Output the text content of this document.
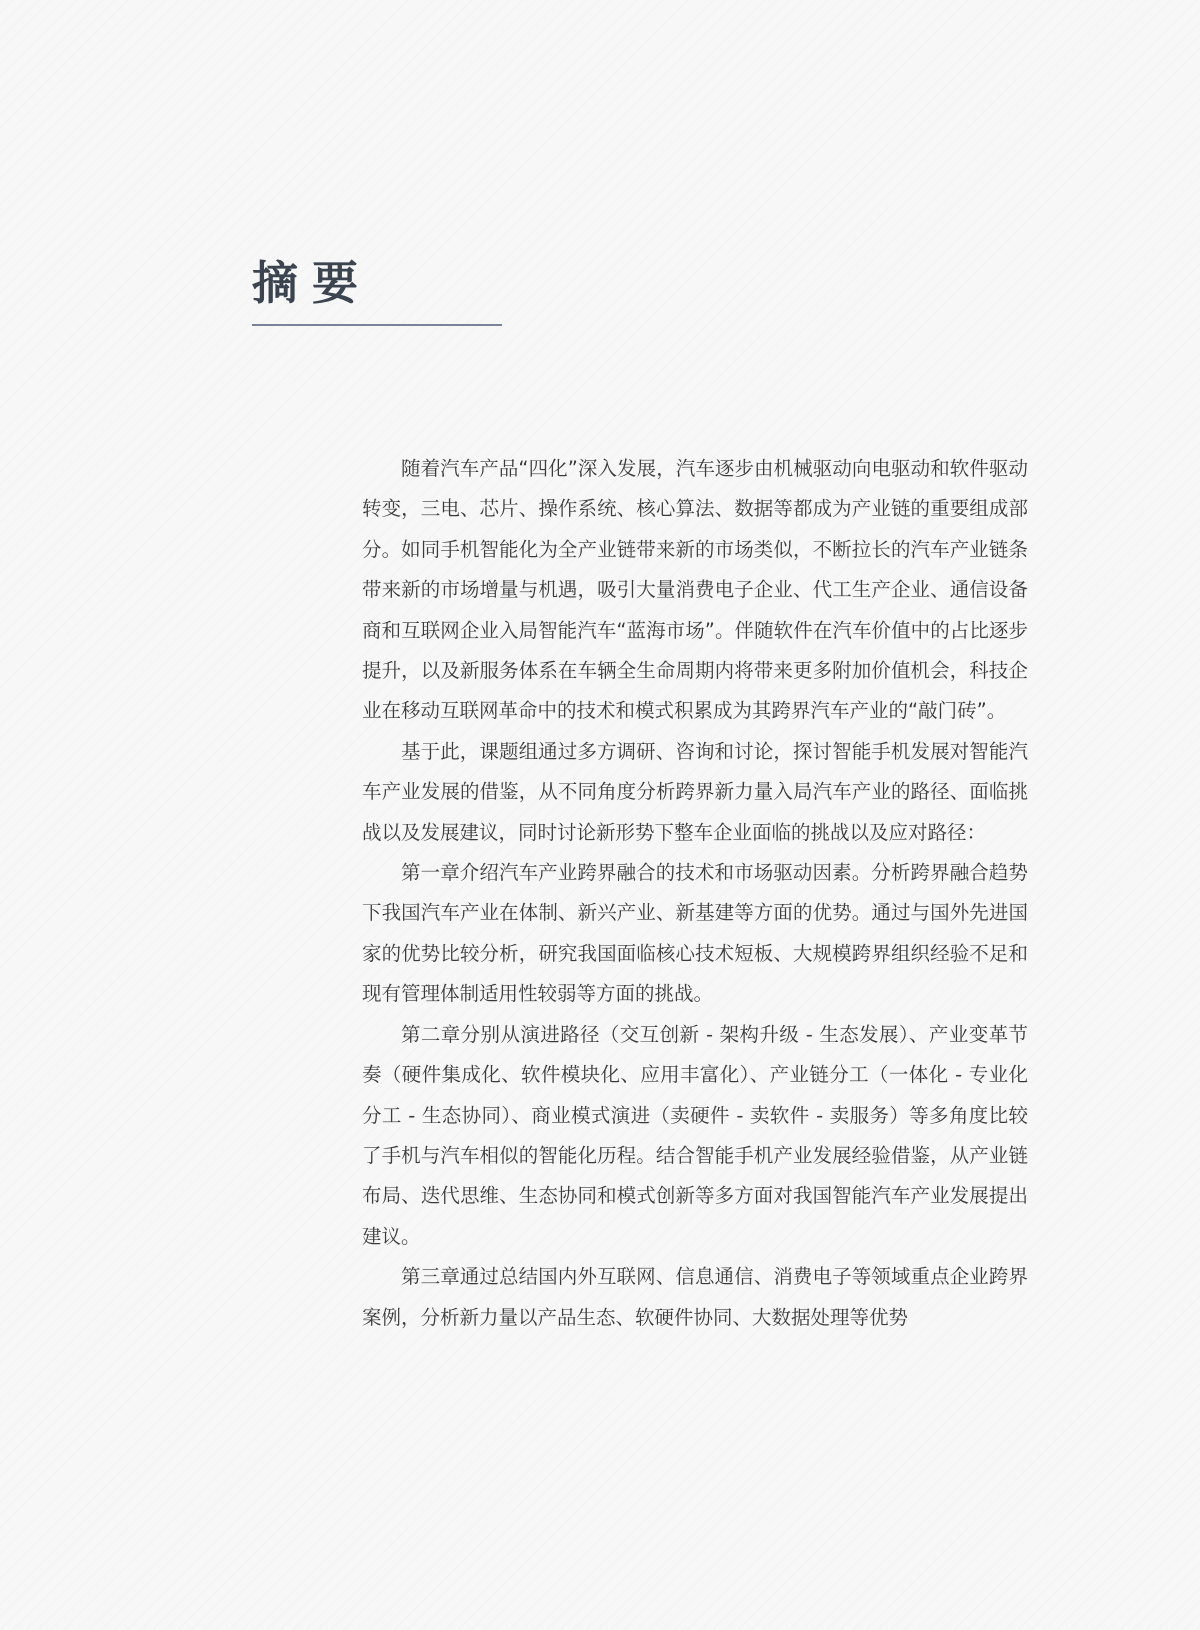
摘要

随着汽车产品“四化”深入发展，汽车逐步由机械驱动向电驱动和软件驱动转变，三电、芯片、操作系统、核心算法、数据等都成为产业链的重要组成部分。如同手机智能化为全产业链带来新的市场类似，不断拉长的汽车产业链条带来新的市场增量与机遇，吸引大量消费电子企业、代工生产企业、通信设备商和互联网企业入局智能汽车“蓝海市场”。伴随软件在汽车价值中的占比逐步提升，以及新服务体系在车辆全生命周期内将带来更多附加价值机会，科技企业在移动互联网革命中的技术和模式积累成为其跨界汽车产业的“敲门砖”。

基于此，课题组通过多方调研、咨询和讨论，探讨智能手机发展对智能汽车产业发展的借鉴，从不同角度分析跨界新力量入局汽车产业的路径、面临挑战以及发展建议，同时讨论新形势下整车企业面临的挑战以及应对路径：

第一章介绍汽车产业跨界融合的技术和市场驱动因素。分析跨界融合趋势下我国汽车产业在体制、新兴产业、新基建等方面的优势。通过与国外先进国家的优势比较分析，研究我国面临核心技术短板、大规模跨界组织经验不足和现有管理体制适用性较弱等方面的挑战。

第二章分别从演进路径（交互创新 - 架构升级 - 生态发展）、产业变革节奏（硬件集成化、软件模块化、应用丰富化）、产业链分工（一体化 - 专业化分工 - 生态协同）、商业模式演进（卖硬件 - 卖软件 - 卖服务）等多角度比较了手机与汽车相似的智能化历程。结合智能手机产业发展经验借鉴，从产业链布局、迭代思维、生态协同和模式创新等多方面对我国智能汽车产业发展提出建议。

第三章通过总结国内外互联网、信息通信、消费电子等领域重点企业跨界案例，分析新力量以产品生态、软硬件协同、大数据处理等优势
